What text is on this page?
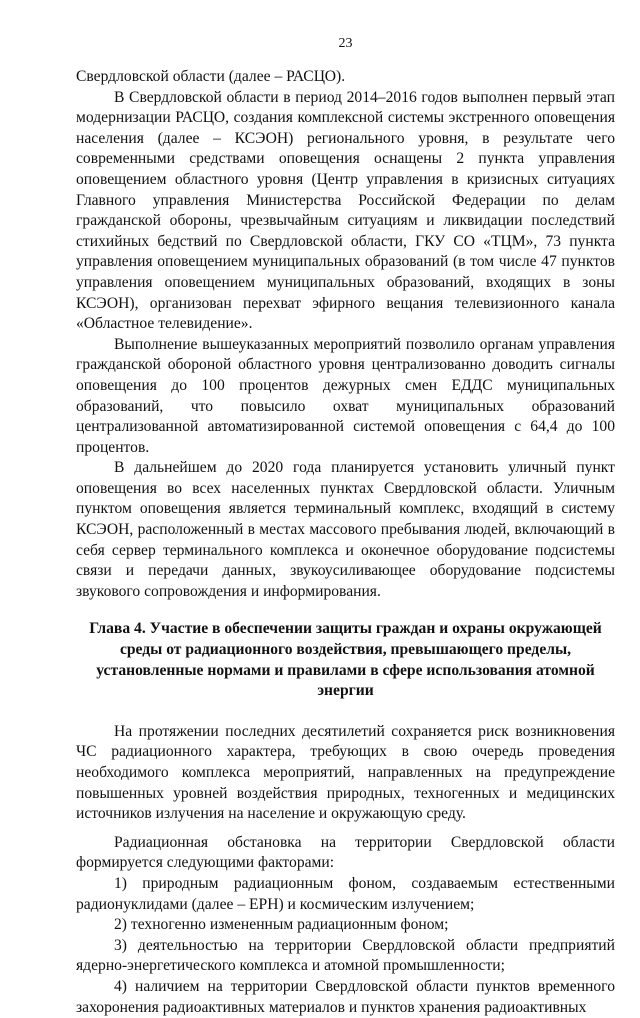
23

Свердловской области (далее – РАСЦО).

В Свердловской области в период 2014–2016 годов выполнен первый этап модернизации РАСЦО, создания комплексной системы экстренного оповещения населения (далее – КСЭОН) регионального уровня, в результате чего современными средствами оповещения оснащены 2 пункта управления оповещением областного уровня (Центр управления в кризисных ситуациях Главного управления Министерства Российской Федерации по делам гражданской обороны, чрезвычайным ситуациям и ликвидации последствий стихийных бедствий по Свердловской области, ГКУ СО «ТЦМ», 73 пункта управления оповещением муниципальных образований (в том числе 47 пунктов управления оповещением муниципальных образований, входящих в зоны КСЭОН), организован перехват эфирного вещания телевизионного канала «Областное телевидение».

Выполнение вышеуказанных мероприятий позволило органам управления гражданской обороной областного уровня централизованно доводить сигналы оповещения до 100 процентов дежурных смен ЕДДС муниципальных образований, что повысило охват муниципальных образований централизованной автоматизированной системой оповещения с 64,4 до 100 процентов.

В дальнейшем до 2020 года планируется установить уличный пункт оповещения во всех населенных пунктах Свердловской области. Уличным пунктом оповещения является терминальный комплекс, входящий в систему КСЭОН, расположенный в местах массового пребывания людей, включающий в себя сервер терминального комплекса и оконечное оборудование подсистемы связи и передачи данных, звукоусиливающее оборудование подсистемы звукового сопровождения и информирования.

Глава 4. Участие в обеспечении защиты граждан и охраны окружающей среды от радиационного воздействия, превышающего пределы, установленные нормами и правилами в сфере использования атомной энергии

На протяжении последних десятилетий сохраняется риск возникновения ЧС радиационного характера, требующих в свою очередь проведения необходимого комплекса мероприятий, направленных на предупреждение повышенных уровней воздействия природных, техногенных и медицинских источников излучения на население и окружающую среду.

Радиационная обстановка на территории Свердловской области формируется следующими факторами:

1) природным радиационным фоном, создаваемым естественными радионуклидами (далее – ЕРН) и космическим излучением;

2) техногенно измененным радиационным фоном;

3) деятельностью на территории Свердловской области предприятий ядерно-энергетического комплекса и атомной промышленности;

4) наличием на территории Свердловской области пунктов временного захоронения радиоактивных материалов и пунктов хранения радиоактивных
